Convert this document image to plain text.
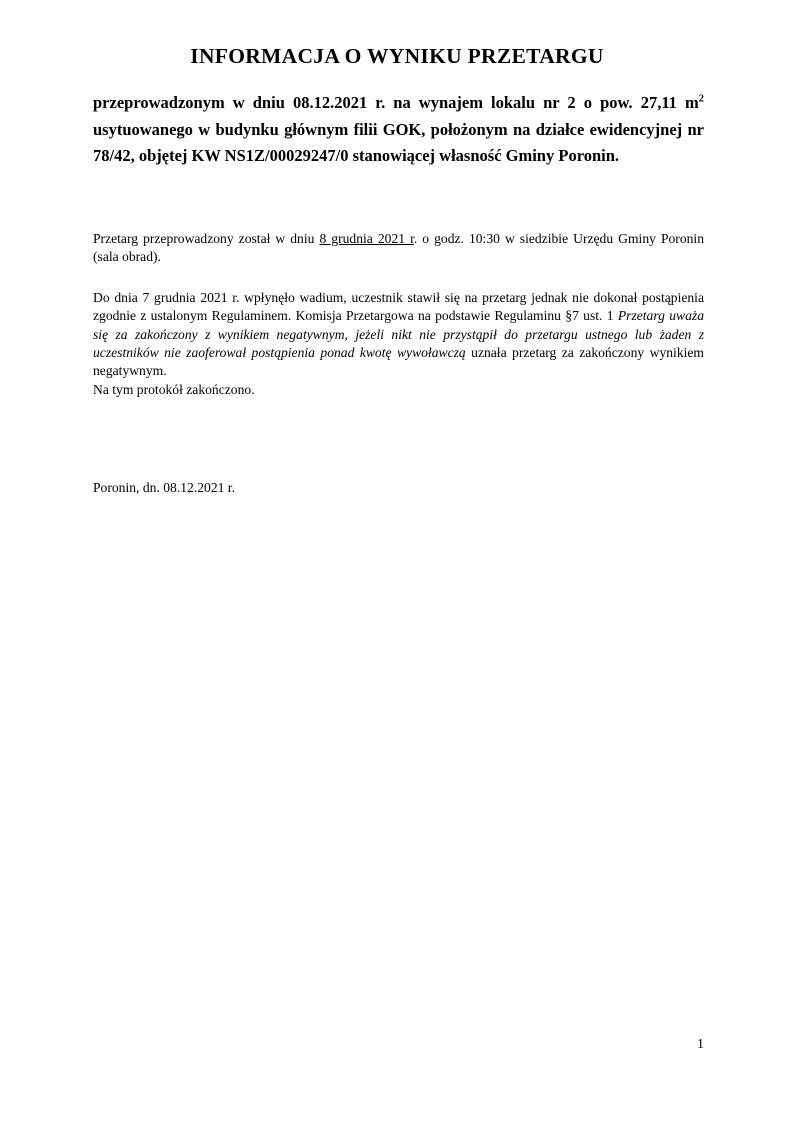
INFORMACJA O WYNIKU PRZETARGU
przeprowadzonym w dniu 08.12.2021 r. na wynajem lokalu nr 2 o pow. 27,11 $m^2$ usytuowanego w budynku głównym filii GOK, położonym na działce ewidencyjnej nr 78/42, objętej KW NS1Z/00029247/0 stanowiącej własność Gminy Poronin.
Przetarg przeprowadzony został w dniu 8 grudnia 2021 r. o godz. 10:30 w siedzibie Urzędu Gminy Poronin (sala obrad).
Do dnia 7 grudnia 2021 r. wpłynęło wadium, uczestnik stawił się na przetarg jednak nie dokonał postąpienia zgodnie z ustalonym Regulaminem. Komisja Przetargowa na podstawie Regulaminu §7 ust. 1 Przetarg uważa się za zakończony z wynikiem negatywnym, jeżeli nikt nie przystąpił do przetargu ustnego lub żaden z uczestników nie zaoferował postąpienia ponad kwotę wywoławczą uznała przetarg za zakończony wynikiem negatywnym.
Na tym protokół zakończono.
Poronin, dn. 08.12.2021 r.
1
